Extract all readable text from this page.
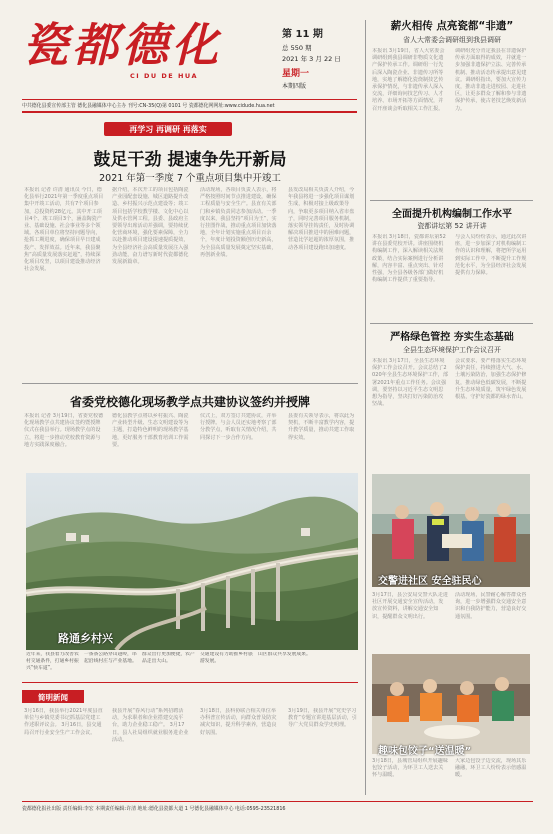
瓷都德化
CI DU DE HUA
第 11 期
总 550 期
2021 年 3 月 22 日
星期一
本期四版
中共德化县委宣传部主管 德化县融媒体中心主办 刊号:CN-35(Q)第 0101 号 瓷都德化网网址:www.cidude.hua.net
再学习 再调研 再落实
鼓足干劲 提速争先开新局
2021 年第一季度 7 个重点项目集中开竣工
本报讯 记者 许清 通讯员 今日，德化县举行2021年第一季度重点项目集中开竣工活动，共有7个项目参加，总投资约28亿元。其中开工项目4个、竣工项目3个，涵盖陶瓷产业、基础设施、社会事业等多个领域。各项目单位将坚持问题导向，抢抓工期进度，确保项目早日建成投产、发挥效益。近年来，我县聚焦“高质量发展落实赶超”，持续深化项目攻坚，以项目建设推动经济社会发展。
据介绍，本次开工的项目包括陶瓷产业园配套设施、城区道路提升改造、乡村振兴示范点建设等；竣工项目包括学校教学楼、文化中心以及供水管网工程。县委、县政府主要领导出席活动并强调，要持续优化营商环境，强化要素保障，全力以赴推动项目建设提速提质提效，为全县经济社会高质量发展注入强劲动能，奋力谱写新时代瓷都德化发展新篇章。
活动现场，各项目负责人表示，将严格按照时间节点推进建设，确保工程质量与安全生产。县直有关部门和乡镇负责同志参加活动。一季度以来，我县坚持“项目为王”，实行挂图作战，推动重点项目加快落地，全年计划实施重点项目百余个，年度计划投资额创历史新高，为全县高质量发展奠定坚实基础，再创新业绩。
县发改局相关负责人介绍，今年我县将进一步强化项目谋划生成，积极对接上级政策导向，争取更多项目纳入省市盘子，同时完善项目服务机制，落实领导挂钩责任，及时协调解决项目推进中的困难问题，营造比学赶超的浓厚氛围，推动各项目建设跑出加速度。
省委党校德化现场教学点共建协议签约并授牌
本报讯 记者 3月19日，省委党校德化现场教学点共建协议签约暨授牌仪式在我县举行。现场教学点的设立，将进一步推动党校教育资源与地方实践深度融合。
德化县教学点将以乡村振兴、陶瓷产业转型升级、生态文明建设等为主题，打造特色鲜明的现场教学基地，更好服务干部教育培训工作需要。
仪式上，双方签订共建协议，并举行授牌。与会人员还实地考察了部分教学点，听取有关情况介绍，共同探讨下一步合作方向。
县委有关领导表示，将以此为契机，不断丰富教学内容，提升教学质量，推动共建工作取得实效。
路通乡村兴
近年来，我县着力改善农村交通条件，打通乡村振兴“快车道”。
一条条公路穿山越岭，串起沿线村庄与产业基地。
群众出行更加便捷，农产品走出大山。
交通建设有力助推乡村旅游发展。
山区群众共享发展成果。
简明新闻
3月16日，我县举行2021年度县直单位与乡镇党委书记抓基层党建工作述职评议会。 3月16日，县交通局召开行业安全生产工作会议。
我县开展“春风行动”系列招聘活动，为求职者和企业搭建交流平台，助力企业稳工稳产。 3月17日，县人社局组织就业服务进企业活动。
3月18日，县科协联合相关单位举办科普宣传活动，向群众普及防灾减灾知识，提升科学素养，营造良好氛围。
3月19日，我县开展“党史学习教育”专题宣讲进基层活动，引导广大党员群众学史明理。
薪火相传 点亮瓷都“非遗”
省人大常委会调研组到我县调研
本报讯 3月19日，省人大常委会调研组到我县调研非物质文化遗产保护传承工作。调研组一行先后深入陶瓷企业、非遗传习所等地，实地了解德化瓷烧制技艺传承保护情况，与非遗传承人深入交流，详细询问技艺传习、人才培养、市场开拓等方面情况，并召开座谈会听取相关工作汇报。
调研组充分肯定我县在非遗保护传承方面取得的成效，并就进一步加强非遗保护立法、完善传承机制、推动活态传承提出意见建议。调研组指出，要加大宣传力度，推动非遗走进校园、走进社区，让更多群众了解和参与非遗保护传承，使古老技艺焕发新活力。
全面提升机构编制工作水平
瓷都讲坛第 52 讲开讲
本报讯 3月18日，瓷都讲坛第52讲在县委党校开讲。讲座围绕机构编制工作，深入解读相关法规政策，结合实际案例进行分析讲解，内容丰富、重点突出、针对性强，为全县各级各部门做好机构编制工作提供了重要指导。
与会人员纷纷表示，通过此次讲座，进一步加深了对机构编制工作的认识和理解，将把所学运用到实际工作中，不断提升工作规范化水平，为全县经济社会发展提供有力保障。
严格绿色管控 夯实生态基础
全县生态环境保护工作会议召开
本报讯 3月17日，全县生态环境保护工作会议召开。会议总结了2020年全县生态环境保护工作，部署2021年重点工作任务。会议强调，要坚持以习近平生态文明思想为指导，坚决打好污染防治攻坚战。
会议要求，要严格落实生态环境保护责任，持续推进大气、水、土壤污染防治，加强生态保护修复，推动绿色低碳发展，不断提升生态环境质量，筑牢绿色发展根基，守护好瓷都的绿水青山。
交警进社区 安全驻民心
3月17日，县公安局交警大队走进社区开展交通安全宣传活动，发放宣传资料，讲解交通安全知识，提醒群众文明出行。
活动现场，民警耐心解答群众咨询，进一步增强群众交通安全意识和自我防护能力，营造良好交通氛围。
趣味包饺子“送温暖”
3月18日，县城管局组织开展趣味包饺子活动，为环卫工人送去关怀与温暖。
大家边包饺子边交流，现场其乐融融，环卫工人纷纷表示倍感温暖。
瓷都德化报社出版 责任编辑:李宏 本期责任编辑:许清 地址:德化县瓷都大道 1 号德化县融媒体中心 电话:0595-23521816
